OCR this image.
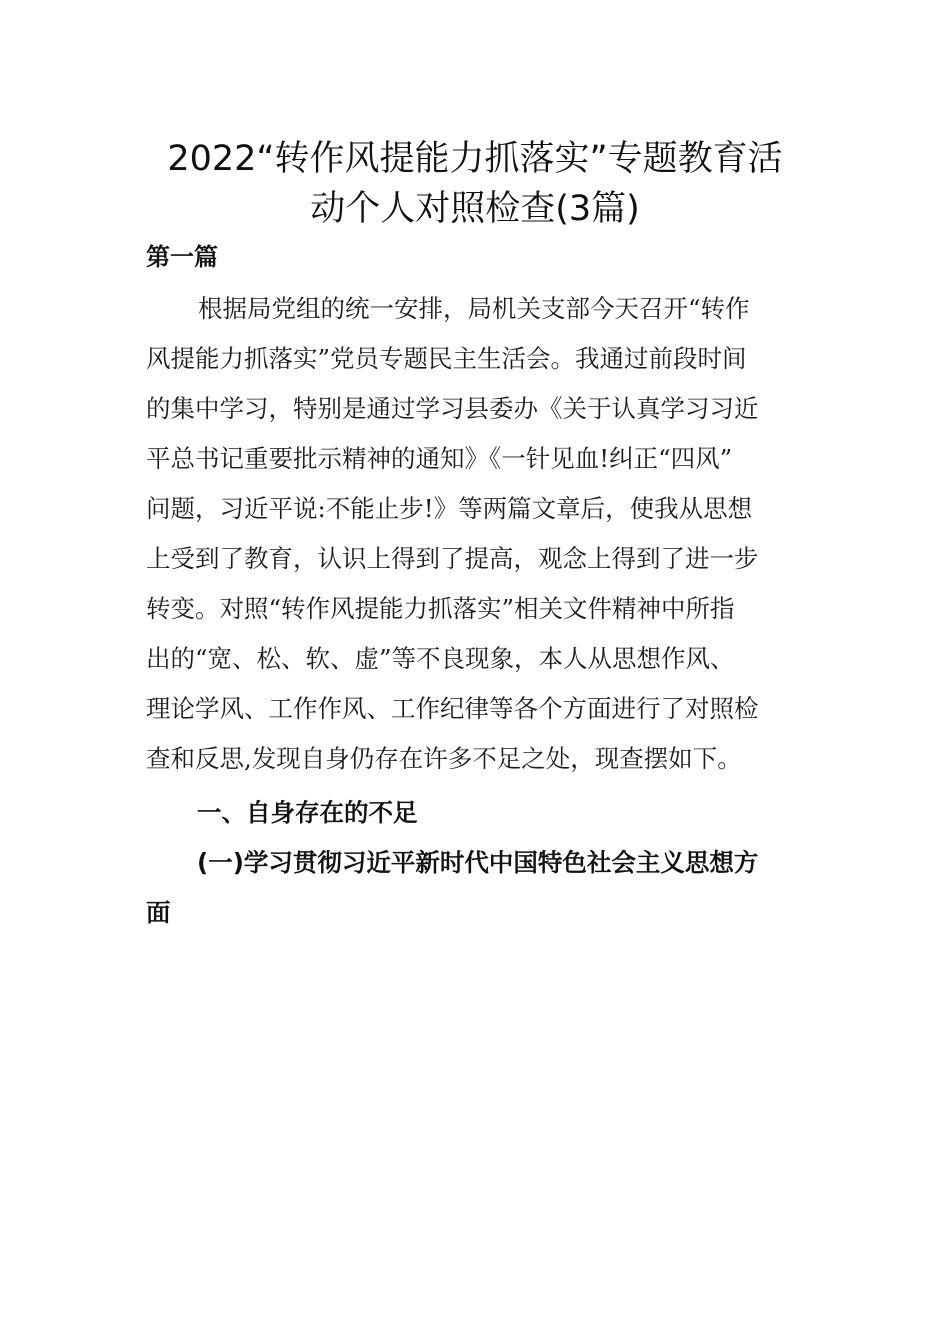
2022“转作风提能力抓落实”专题教育活
动个人对照检查(3篇)
第一篇
根据局党组的统一安排，局机关支部今天召开“转作
风提能力抓落实”党员专题民主生活会。我通过前段时间
的集中学习，特别是通过学习县委办《关于认真学习习近
平总书记重要批示精神的通知》《一针见血!纠正“四风”
问题，习近平说:不能止步!》等两篇文章后，使我从思想
上受到了教育，认识上得到了提高，观念上得到了进一步
转变。对照“转作风提能力抓落实”相关文件精神中所指
出的“宽、松、软、虚”等不良现象，本人从思想作风、
理论学风、工作作风、工作纪律等各个方面进行了对照检
查和反思,发现自身仍存在许多不足之处，现查摆如下。
一、自身存在的不足
(一)学习贯彻习近平新时代中国特色社会主义思想方
面
